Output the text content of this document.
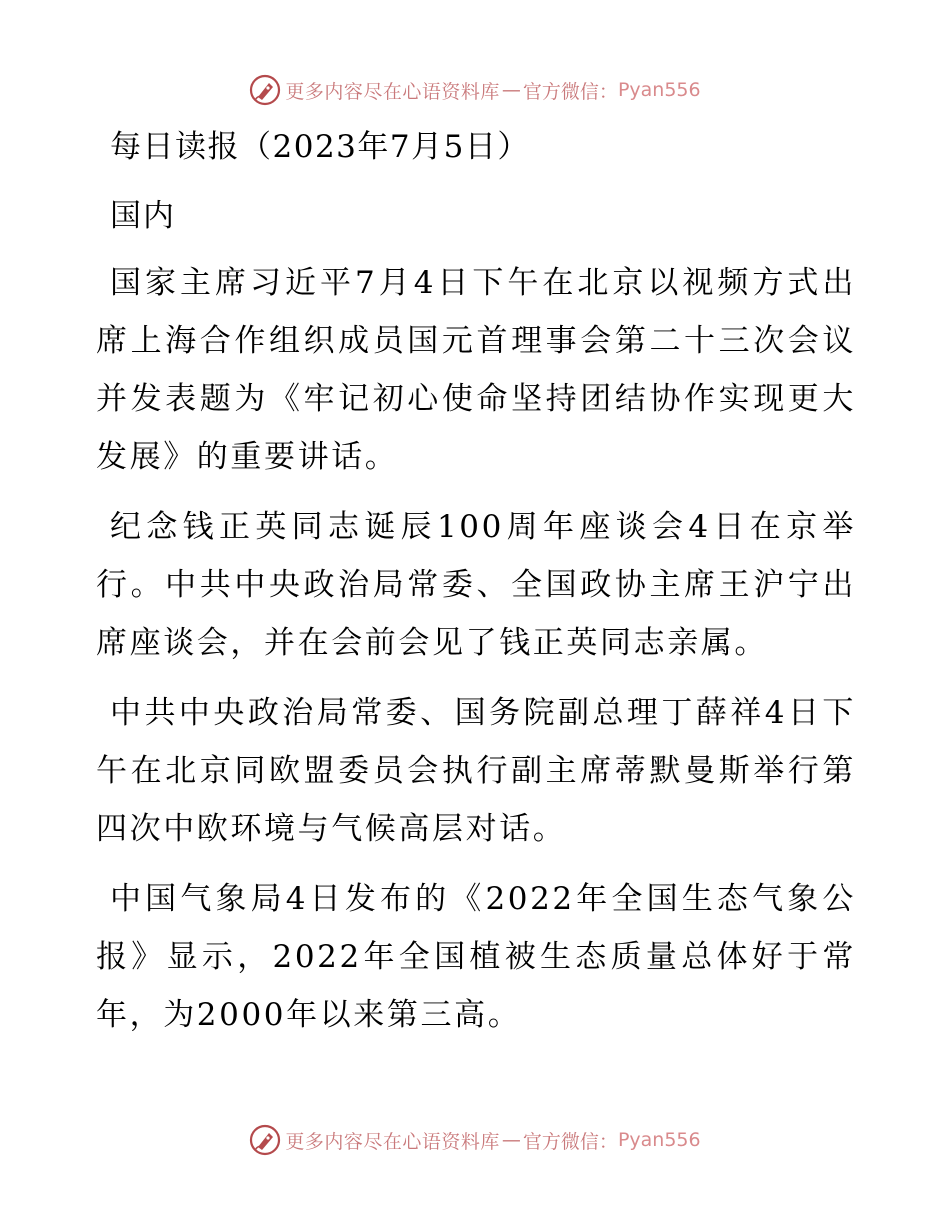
更多内容尽在心语资料库 — 官方微信： Pyan556
每日读报（2023年7月5日）
国内

国家主席习近平7月4日下午在北京以视频方式出席上海合作组织成员国元首理事会第二十三次会议并发表题为《牢记初心使命坚持团结协作实现更大发展》的重要讲话。

纪念钱正英同志诞辰100周年座谈会4日在京举行。中共中央政治局常委、全国政协主席王沪宁出席座谈会，并在会前会见了钱正英同志亲属。

中共中央政治局常委、国务院副总理丁薛祥4日下午在北京同欧盟委员会执行副主席蒂默曼斯举行第四次中欧环境与气候高层对话。

中国气象局4日发布的《2022年全国生态气象公报》显示，2022年全国植被生态质量总体好于常年，为2000年以来第三高。

更多内容尽在心语资料库 — 官方微信： Pyan556
